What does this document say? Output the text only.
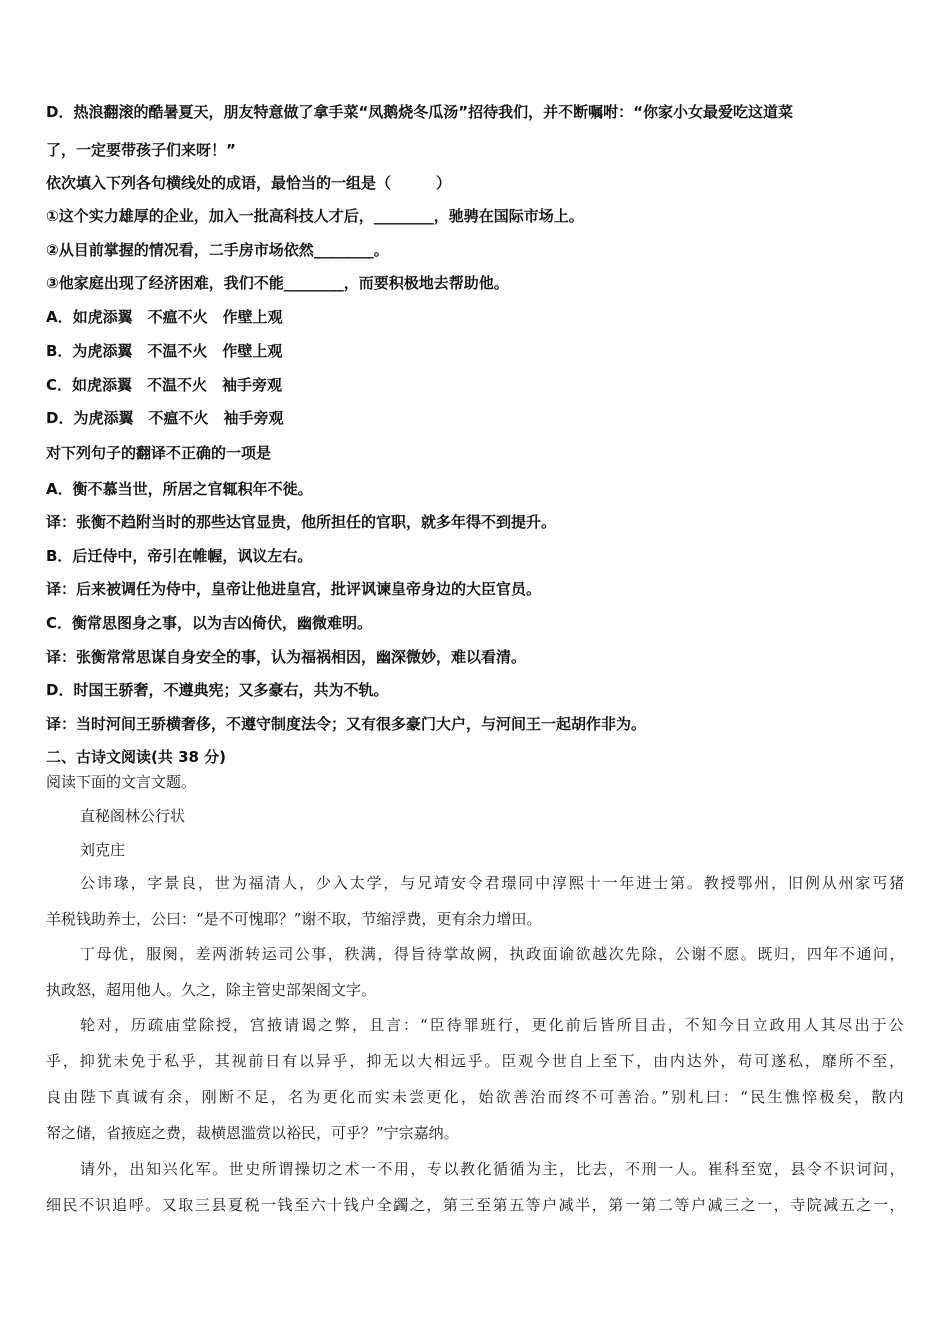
D．热浪翻滚的酷暑夏天，朋友特意做了拿手菜“凤鹅烧冬瓜汤”招待我们，并不断嘱咐：“你家小女最爱吃这道菜
了，一定要带孩子们来呀！”
依次填入下列各句横线处的成语，最恰当的一组是（　　　）
①这个实力雄厚的企业，加入一批高科技人才后，________，驰骋在国际市场上。
②从目前掌握的情况看，二手房市场依然________。
③他家庭出现了经济困难，我们不能________，而要积极地去帮助他。
A．如虎添翼　不瘟不火　作壁上观
B．为虎添翼　不温不火　作壁上观
C．如虎添翼　不温不火　袖手旁观
D．为虎添翼　不瘟不火　袖手旁观
对下列句子的翻译不正确的一项是
A．衡不慕当世，所居之官辄积年不徙。
译：张衡不趋附当时的那些达官显贵，他所担任的官职，就多年得不到提升。
B．后迁侍中，帝引在帷幄，讽议左右。
译：后来被调任为侍中，皇帝让他进皇宫，批评讽谏皇帝身边的大臣官员。
C．衡常思图身之事，以为吉凶倚伏，幽微难明。
译：张衡常常思谋自身安全的事，认为福祸相因，幽深微妙，难以看清。
D．时国王骄奢，不遵典宪；又多豪右，共为不轨。
译：当时河间王骄横奢侈，不遵守制度法令；又有很多豪门大户，与河间王一起胡作非为。
二、古诗文阅读(共 38 分)
阅读下面的文言文题。
直秘阁林公行状
刘克庄
公讳瑑，字景良，世为福清人，少入太学，与兄靖安令君璟同中淳熙十一年进士第。教授鄂州，旧例从州家丐猪
羊税钱助养士，公曰：“是不可愧耶？”谢不取，节缩浮费，更有余力增田。
丁母优，服阕，差两浙转运司公事，秩满，得旨待掌故阙，执政面谕欲越次先除，公谢不愿。既归，四年不通问，
执政怒，超用他人。久之，除主管史部架阁文字。
轮对，历疏庙堂除授，宫掖请谒之弊，且言：“臣待罪班行，更化前后皆所目击，不知今日立政用人其尽出于公
乎，抑犹未免于私乎，其视前日有以异乎，抑无以大相远乎。臣观今世自上至下，由内达外，苟可遂私，靡所不至，
良由陛下真诚有余，刚断不足，名为更化而实未尝更化，始欲善治而终不可善治。”别札曰：“民生憔悴极矣，散内
帑之储，省掖庭之费，裁横恩滥赏以裕民，可乎？”宁宗嘉纳。
请外，出知兴化军。世史所谓操切之术一不用，专以教化循循为主，比去，不刑一人。崔科至宽，县令不识诃问，
细民不识追呼。又取三县夏税一钱至六十钱户全蠲之，第三至第五等户减半，第一第二等户减三之一，寺院减五之一，
